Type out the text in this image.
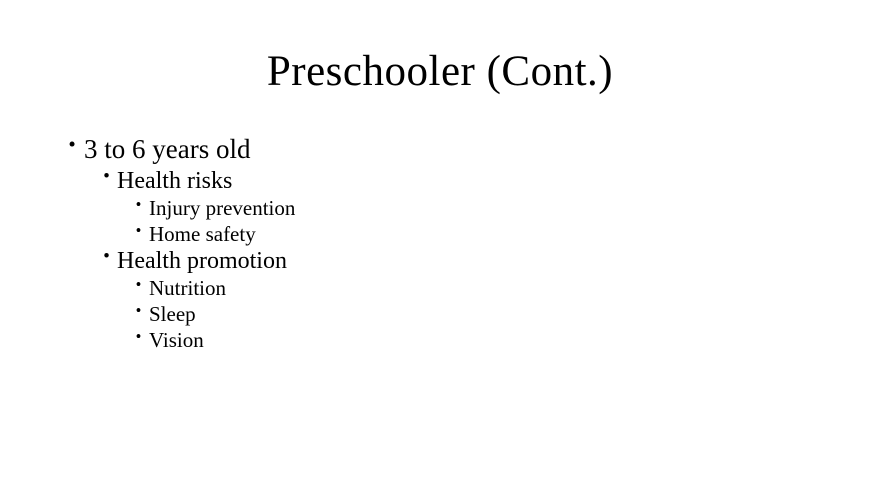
Preschooler (Cont.)
• 3 to 6 years old
• Health risks
• Injury prevention
• Home safety
• Health promotion
• Nutrition
• Sleep
• Vision
